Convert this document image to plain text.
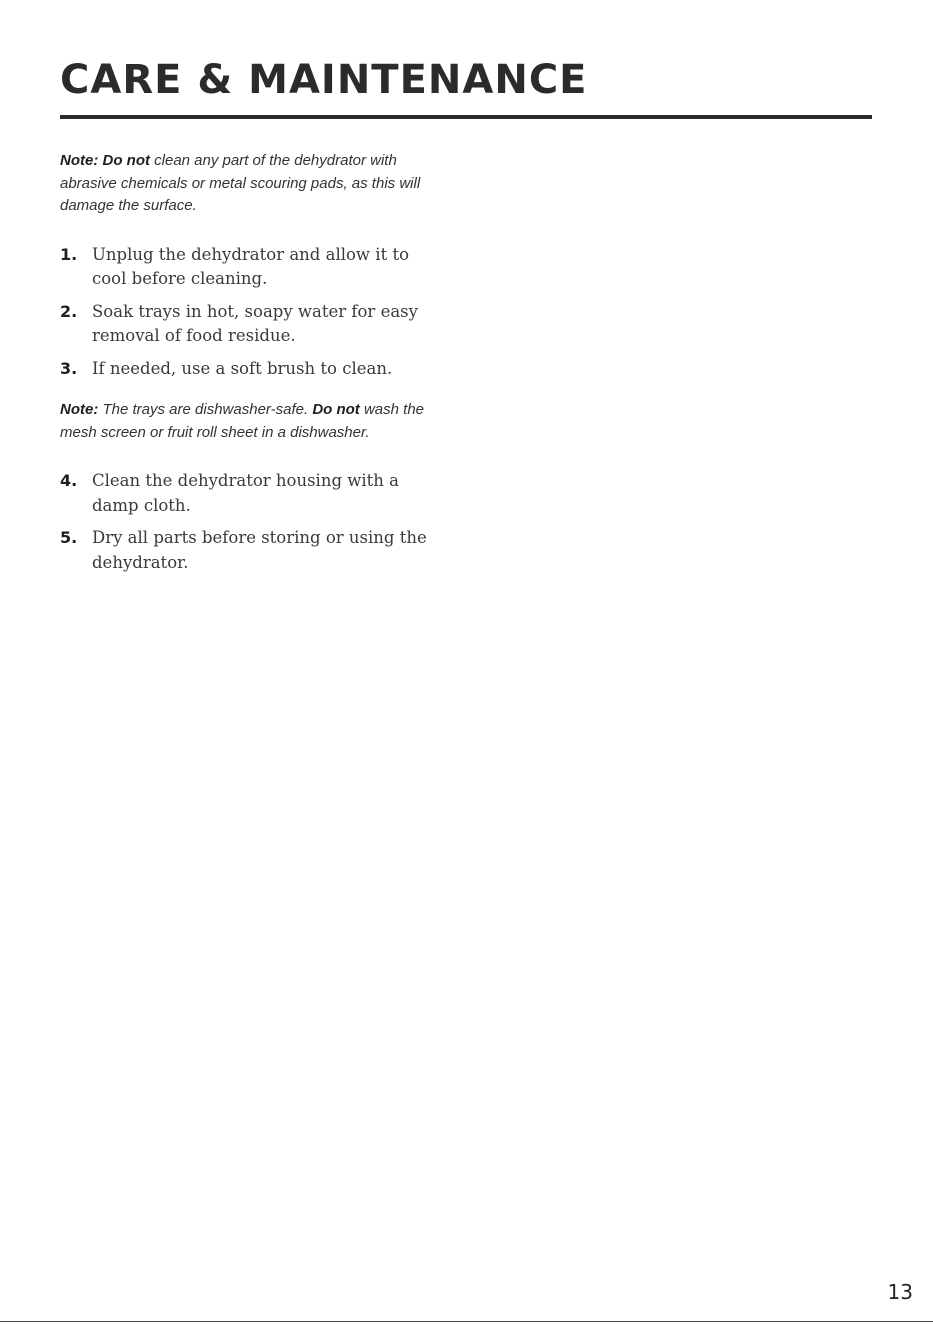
CARE & MAINTENANCE

Note: Do not clean any part of the dehydrator with abrasive chemicals or metal scouring pads, as this will damage the surface.

1. Unplug the dehydrator and allow it to cool before cleaning.
2. Soak trays in hot, soapy water for easy removal of food residue.
3. If needed, use a soft brush to clean.

Note: The trays are dishwasher-safe. Do not wash the mesh screen or fruit roll sheet in a dishwasher.

4. Clean the dehydrator housing with a damp cloth.
5. Dry all parts before storing or using the dehydrator.
13
